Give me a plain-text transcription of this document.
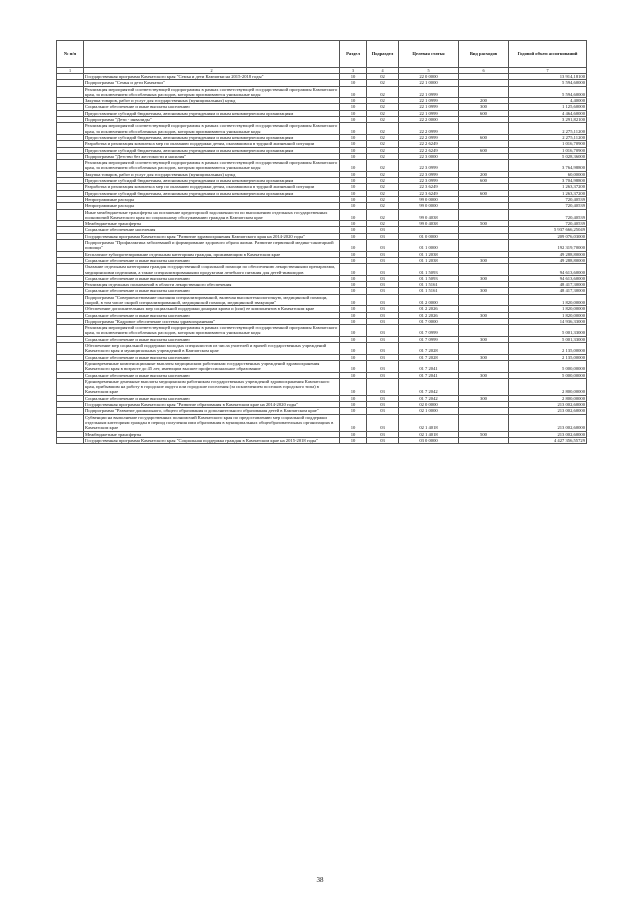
№ п/п		Раздел	Подраздел	Целевая статья	Вид расходов	Годовой объем ассигнований
1	2	3	4	5	6	7
	Государственная программа Камчатского края "Семья и дети Камчатки на 2015-2018 годы"	10	02	22 0 0000		13 914,18100
	Подпрограмма "Семья и дети Камчатки"	10	02	22 1 0000		5 594,60000
	Реализация мероприятий соответствующей подпрограммы в рамках соответствующей государственной программы Камчатского края, за исключением обособленных расходов, которым присваиваются уникальные коды	10	02	22 1 0999		5 594,60000
	Закупка товаров, работ и услуг для государственных (муниципальных) нужд	10	02	22 1 0999	200	4,40000
	Социальное обеспечение и иные выплаты населению	10	02	22 1 0999	300	1 125,60000
	Предоставление субсидий бюджетным, автономным учреждениям и иным некоммерческим организациям	10	02	22 1 0999	600	4 464,60000
	Подпрограмма "Дети - инвалиды"	10	02	22 2 0000		3 291,82100
	Реализация мероприятий соответствующей подпрограммы в рамках соответствующей государственной программы Камчатского края, за исключением обособленных расходов, которым присваиваются уникальные коды	10	02	22 2 0999		2 275,11200
	Предоставление субсидий бюджетным, автономным учреждениям и иным некоммерческим организациям	10	02	22 2 0999	600	2 275,11200
	Разработка и реализация комплекса мер по оказанию поддержки детям, оказавшимся в трудной жизненной ситуации	10	02	22 2 6249		1 016,70900
	Предоставление субсидий бюджетным, автономным учреждениям и иным некоммерческим организациям	10	02	22 2 6249	600	1 016,70900
	Подпрограмма "Детство без жестокости и насилия"	10	02	22 3 0000		5 028,36000
	Реализация мероприятий соответствующей подпрограммы в рамках соответствующей государственной программы Камчатского края, за исключением обособленных расходов, которым присваиваются уникальные коды	10	02	22 3 0999		3 764,98800
	Закупка товаров, работ и услуг для государственных (муниципальных) нужд	10	02	22 3 0999	200	60,00000
	Предоставление субсидий бюджетным, автономным учреждениям и иным некоммерческим организациям	10	02	22 3 0999	600	3 704,98800
	Разработка и реализация комплекса мер по оказанию поддержки детям, оказавшимся в трудной жизненной ситуации	10	02	22 3 6249		1 263,37200
	Предоставление субсидий бюджетным, автономным учреждениям и иным некоммерческим организациям	10	02	22 3 6249	600	1 263,37200
	Непрограммные расходы	10	02	99 0 0000		720,40539
	Непрограммные расходы	10	02	99 0 0000		720,40539
	Иные межбюджетные трансферты на погашение кредиторской задолженности по выполнению отдельных государственных полномочий Камчатского края по социальному обслуживанию граждан в Камчатском крае	10	02	99 0 4038		720,40539
	Межбюджетные трансферты	10	02	99 0 4038	500	720,40539
	Социальное обеспечение населения	10	03			5 937 666,25049
	Государственная программа Камчатского края "Развитие здравоохранения Камчатского края на 2014-2020 годы"	10	03	01 0 0000		209 076,03000
	Подпрограмма "Профилактика заболеваний и формирование здорового образа жизни. Развитие первичной медико-санитарной помощи"	10	03	01 1 0000		192 319,70000
	Бесплатное зубопротезирование отдельным категориям граждан, проживающим в Камчатском крае	10	03	01 1 2038		49 288,80000
	Социальное обеспечение и иные выплаты населению	10	03	01 1 2038	300	49 288,80000
	Оказание отдельным категориям граждан государственной социальной помощи по обеспечению лекарственными препаратами, медицинскими изделиями, а также специализированными продуктами лечебного питания для детей-инвалидов	10	03	01 1 5093		94 613,60000
	Социальное обеспечение и иные выплаты населению	10	03	01 1 5093	300	94 613,60000
	Реализация отдельных полномочий в области лекарственного обеспечения	10	03	01 1 5161		48 417,30000
	Социальное обеспечение и иные выплаты населению	10	03	01 1 5161	300	48 417,30000
	Подпрограмма "Совершенствование оказания специализированной, включая высокотехнологичную, медицинской помощи, скорой, в том числе скорой специализированной, медицинской помощи, медицинской эвакуации"	10	03	01 2 0000		1 820,00000
	Обеспечение дополнительных мер социальной поддержки донорам крови и (или) ее компонентов в Камчатском крае	10	03	01 2 2026		1 820,00000
	Социальное обеспечение и иные выплаты населению	10	03	01 2 2026	300	1 820,00000
	Подпрограмма "Кадровое обеспечение системы здравоохранения"	10	03	01 7 0000		14 936,33000
	Реализация мероприятий соответствующей подпрограммы в рамках соответствующей государственной программы Камчатского края, за исключением обособленных расходов, которым присваиваются уникальные коды	10	03	01 7 0999		5 001,33000
	Социальное обеспечение и иные выплаты населению	10	03	01 7 0999	300	5 001,33000
	Обеспечение мер социальной поддержки молодых специалистов из числа учителей и врачей государственных учреждений Камчатского края и муниципальных учреждений в Камчатском крае	10	03	01 7 2028		2 135,00000
	Социальное обеспечение и иные выплаты населению	10	03	01 7 2028	300	2 135,00000
	Единовременные компенсационные выплаты медицинским работникам государственных учреждений здравоохранения Камчатского края в возрасте до 45 лет, имеющим высшее профессиональное образование	10	03	01 7 2041		5 000,00000
	Социальное обеспечение и иные выплаты населению	10	03	01 7 2041	300	5 000,00000
	Единовременные денежные выплаты медицинским работникам государственных учреждений здравоохранения Камчатского края, прибывшим на работу в городские округа или городские поселения (за исключением поселков городского типа) в Камчатском крае	10	03	01 7 2042		2 800,00000
	Социальное обеспечение и иные выплаты населению	10	03	01 7 2042	300	2 800,00000
	Государственная программа Камчатского края "Развитие образования в Камчатском крае на 2014-2020 годы"	10	03	02 0 0000		213 002,60000
	Подпрограмма "Развитие дошкольного, общего образования и дополнительного образования детей в Камчатском крае"	10	03	02 1 0000		213 002,60000
	Субвенции на выполнение государственных полномочий Камчатского края по предоставлению мер социальной поддержки отдельным категориям граждан в период получения ими образования в муниципальных общеобразовательных организациях в Камчатском крае	10	03	02 1 4018		213 002,60000
	Межбюджетные трансферты	10	03	02 1 4018	500	213 002,60000
	Государственная программа Камчатского края "Социальная поддержка граждан в Камчатском крае на 2015-2018 годы"	10	03	03 0 0000		4 427 356,55729
38
